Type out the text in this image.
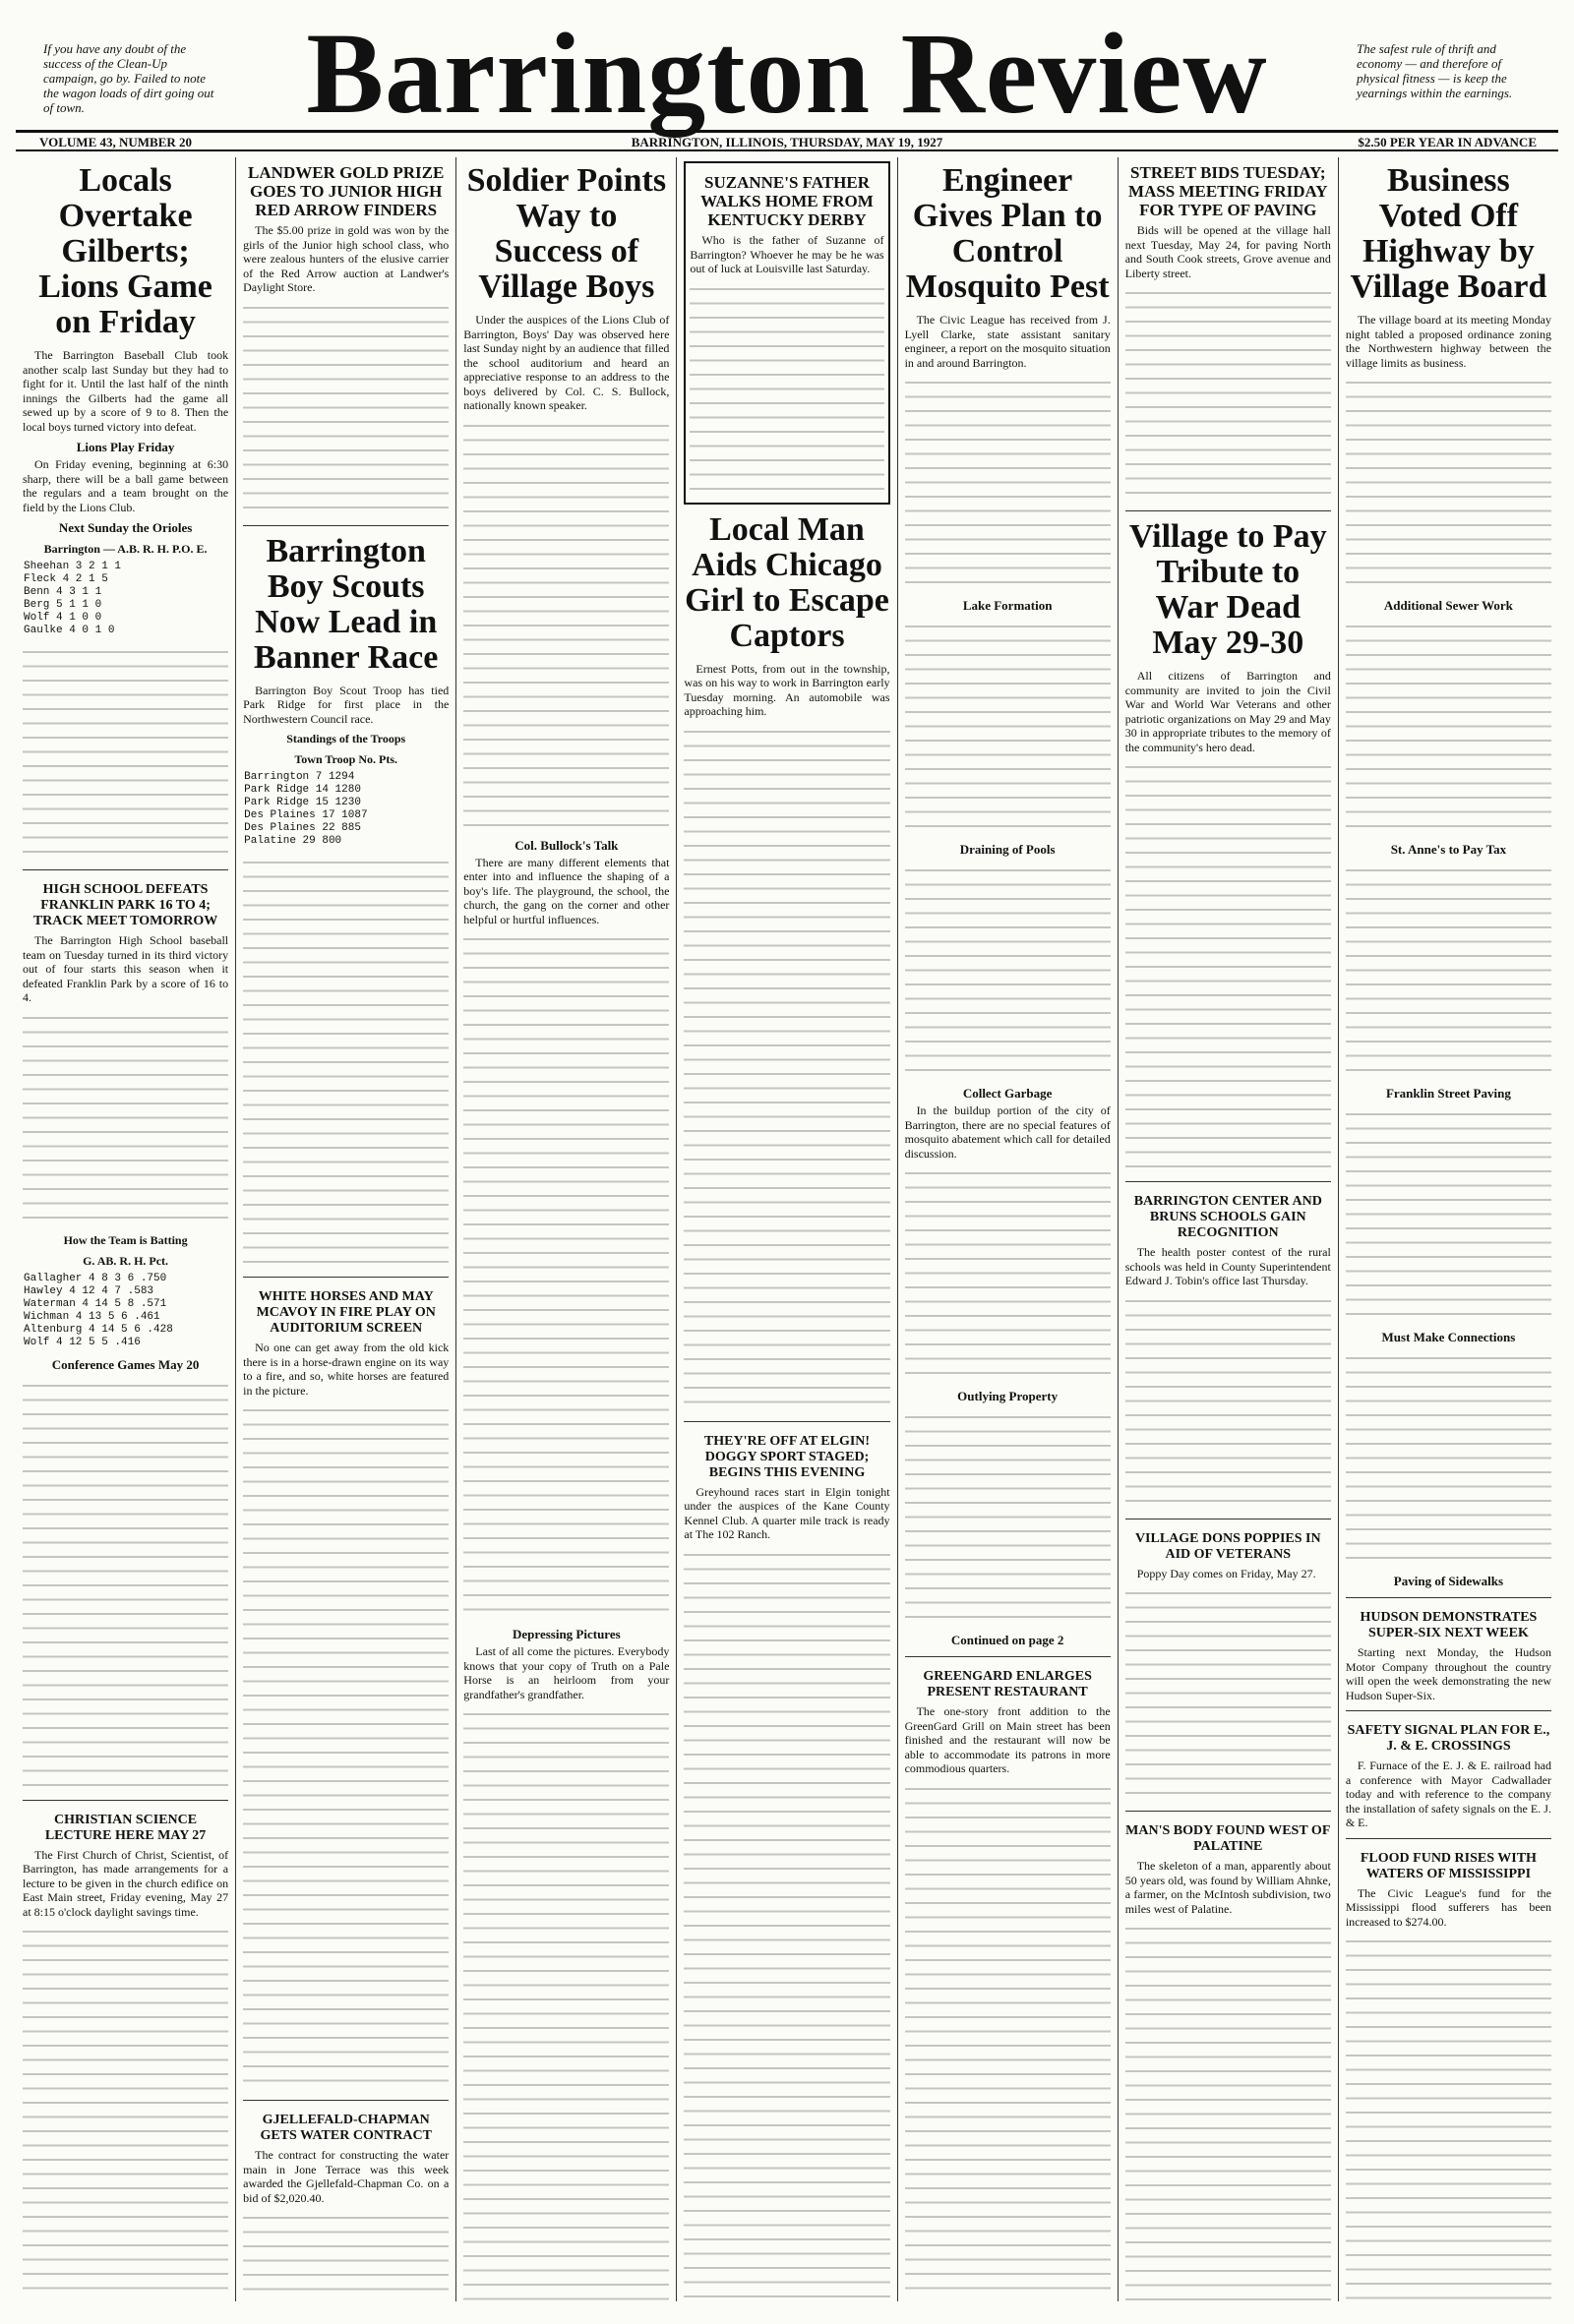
If you have any doubt of the success of the Clean-Up campaign, go by. Failed to note the wagon loads of dirt going out of town.	Barrington Review	The safest rule of thrift and economy — and therefore of physical fitness — is keep the yearnings within the earnings.
VOLUME 43, NUMBER 20	BARRINGTON, ILLINOIS, THURSDAY, MAY 19, 1927	$2.50 PER YEAR IN ADVANCE
Locals Overtake Gilberts; Lions Game on Friday

The Barrington Baseball Club took another scalp last Sunday but they had to fight for it. Until the last half of the ninth innings the Gilberts had the game all sewed up by a score of 9 to 8. Then the local boys turned victory into defeat.

Lions Play Friday

On Friday evening, beginning at 6:30 sharp, there will be a ball game between the regulars and a team brought on the field by the Lions Club.

Next Sunday the Orioles
Barrington — A.B. R. H. P.O. E.
Sheehan 3 2 1 1
Fleck 4 2 1 5
Benn 4 3 1 1
Berg 5 1 1 0
Wolf 4 1 0 0
Gaulke 4 0 1 0
HIGH SCHOOL DEFEATS FRANKLIN PARK 16 TO 4; TRACK MEET TOMORROW

The Barrington High School baseball team on Tuesday turned in its third victory out of four starts this season when it defeated Franklin Park by a score of 16 to 4.

How the Team is Batting
G. AB. R. H. Pct.
Gallagher 4 8 3 6 .750
Hawley 4 12 4 7 .583
Waterman 4 14 5 8 .571
Wichman 4 13 5 6 .461
Altenburg 4 14 5 6 .428
Wolf 4 12 5 5 .416
Conference Games May 20
CHRISTIAN SCIENCE LECTURE HERE MAY 27

The First Church of Christ, Scientist, of Barrington, has made arrangements for a lecture to be given in the church edifice on East Main street, Friday evening, May 27 at 8:15 o'clock daylight savings time.

LANDWER GOLD PRIZE GOES TO JUNIOR HIGH RED ARROW FINDERS

The $5.00 prize in gold was won by the girls of the Junior high school class, who were zealous hunters of the elusive carrier of the Red Arrow auction at Landwer's Daylight Store.

Barrington Boy Scouts Now Lead in Banner Race

Barrington Boy Scout Troop has tied Park Ridge for first place in the Northwestern Council race.

Standings of the Troops
Town Troop No. Pts.
Barrington 7 1294
Park Ridge 14 1280
Park Ridge 15 1230
Des Plaines 17 1087
Des Plaines 22 885
Palatine 29 800
WHITE HORSES AND MAY MCAVOY IN FIRE PLAY ON AUDITORIUM SCREEN

No one can get away from the old kick there is in a horse-drawn engine on its way to a fire, and so, white horses are featured in the picture.

GJELLEFALD-CHAPMAN GETS WATER CONTRACT

The contract for constructing the water main in Jone Terrace was this week awarded the Gjellefald-Chapman Co. on a bid of $2,020.40.

Soldier Points Way to Success of Village Boys

Under the auspices of the Lions Club of Barrington, Boys' Day was observed here last Sunday night by an audience that filled the school auditorium and heard an appreciative response to an address to the boys delivered by Col. C. S. Bullock, nationally known speaker.

Col. Bullock's Talk

There are many different elements that enter into and influence the shaping of a boy's life. The playground, the school, the church, the gang on the corner and other helpful or hurtful influences.

Depressing Pictures

Last of all come the pictures. Everybody knows that your copy of Truth on a Pale Horse is an heirloom from your grandfather's grandfather.

SUZANNE'S FATHER WALKS HOME FROM KENTUCKY DERBY

Who is the father of Suzanne of Barrington? Whoever he may be he was out of luck at Louisville last Saturday.

Local Man Aids Chicago Girl to Escape Captors

Ernest Potts, from out in the township, was on his way to work in Barrington early Tuesday morning. An automobile was approaching him.

THEY'RE OFF AT ELGIN! DOGGY SPORT STAGED; BEGINS THIS EVENING

Greyhound races start in Elgin tonight under the auspices of the Kane County Kennel Club. A quarter mile track is ready at The 102 Ranch.

Engineer Gives Plan to Control Mosquito Pest

The Civic League has received from J. Lyell Clarke, state assistant sanitary engineer, a report on the mosquito situation in and around Barrington.

Lake Formation
Draining of Pools
Collect Garbage

In the buildup portion of the city of Barrington, there are no special features of mosquito abatement which call for detailed discussion.

Outlying Property
Continued on page 2
GREENGARD ENLARGES PRESENT RESTAURANT

The one-story front addition to the GreenGard Grill on Main street has been finished and the restaurant will now be able to accommodate its patrons in more commodious quarters.

STREET BIDS TUESDAY; MASS MEETING FRIDAY FOR TYPE OF PAVING

Bids will be opened at the village hall next Tuesday, May 24, for paving North and South Cook streets, Grove avenue and Liberty street.

Village to Pay Tribute to War Dead May 29-30

All citizens of Barrington and community are invited to join the Civil War and World War Veterans and other patriotic organizations on May 29 and May 30 in appropriate tributes to the memory of the community's hero dead.

BARRINGTON CENTER AND BRUNS SCHOOLS GAIN RECOGNITION

The health poster contest of the rural schools was held in County Superintendent Edward J. Tobin's office last Thursday.

VILLAGE DONS POPPIES IN AID OF VETERANS

Poppy Day comes on Friday, May 27.

MAN'S BODY FOUND WEST OF PALATINE

The skeleton of a man, apparently about 50 years old, was found by William Ahnke, a farmer, on the McIntosh subdivision, two miles west of Palatine.

Business Voted Off Highway by Village Board

The village board at its meeting Monday night tabled a proposed ordinance zoning the Northwestern highway between the village limits as business.

Additional Sewer Work
St. Anne's to Pay Tax
Franklin Street Paving
Must Make Connections
Paving of Sidewalks
HUDSON DEMONSTRATES SUPER-SIX NEXT WEEK

Starting next Monday, the Hudson Motor Company throughout the country will open the week demonstrating the new Hudson Super-Six.

SAFETY SIGNAL PLAN FOR E., J. & E. CROSSINGS

F. Furnace of the E. J. & E. railroad had a conference with Mayor Cadwallader today and with reference to the company the installation of safety signals on the E. J. & E.

FLOOD FUND RISES WITH WATERS OF MISSISSIPPI

The Civic League's fund for the Mississippi flood sufferers has been increased to $274.00.
